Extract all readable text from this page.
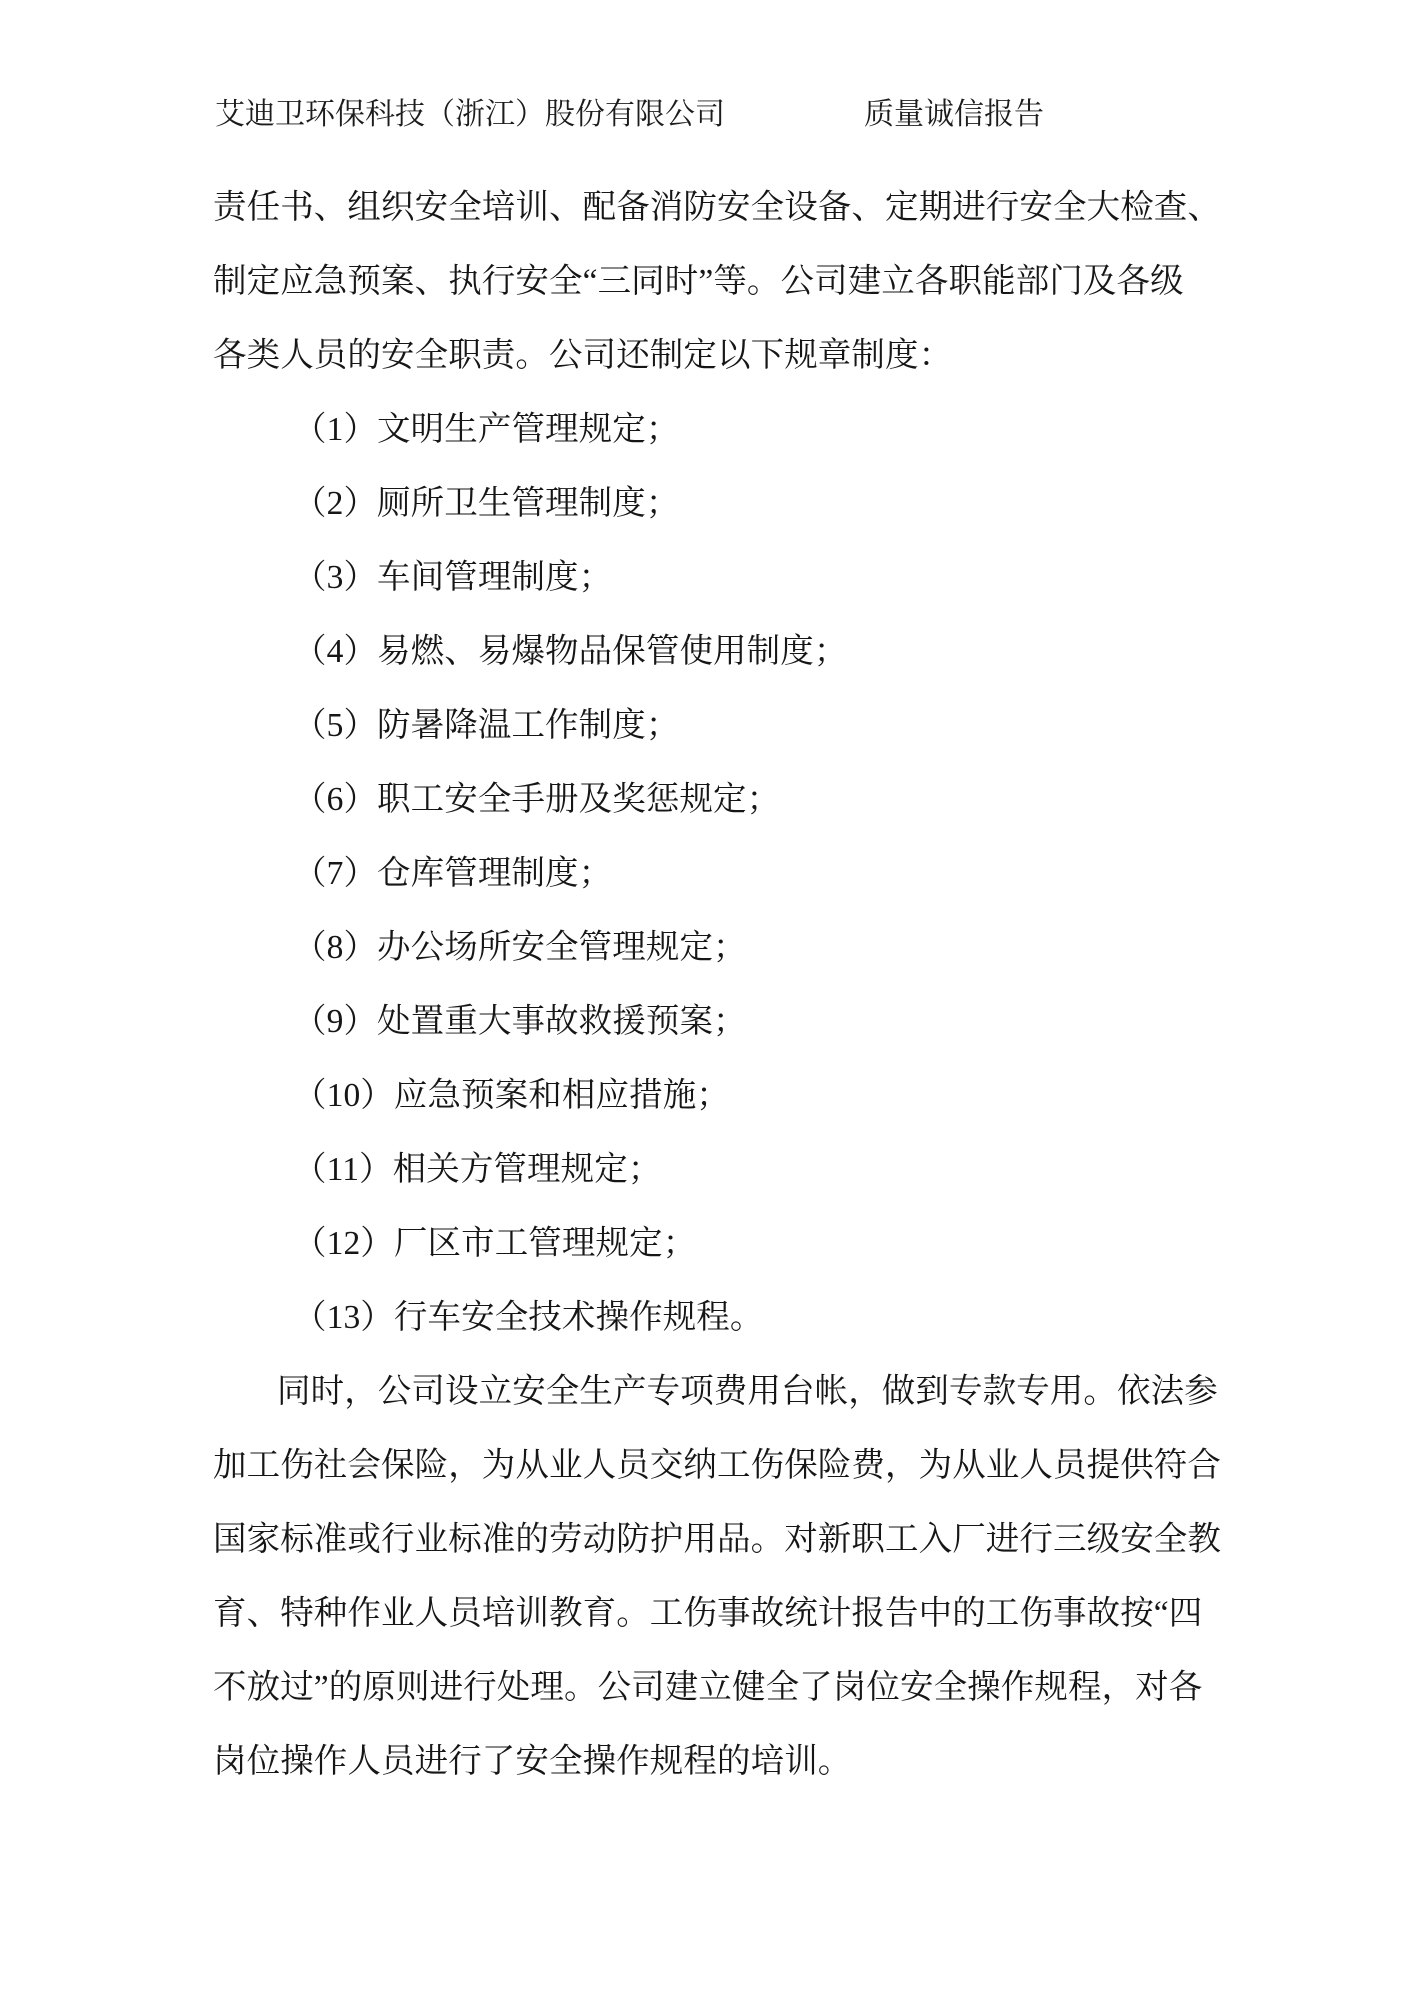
艾迪卫环保科技（浙江）股份有限公司	质量诚信报告
责任书、组织安全培训、配备消防安全设备、定期进行安全大检查、
制定应急预案、执行安全“三同时”等。公司建立各职能部门及各级
各类人员的安全职责。公司还制定以下规章制度：
（1）文明生产管理规定；
（2）厕所卫生管理制度；
（3）车间管理制度；
（4）易燃、易爆物品保管使用制度；
（5）防暑降温工作制度；
（6）职工安全手册及奖惩规定；
（7）仓库管理制度；
（8）办公场所安全管理规定；
（9）处置重大事故救援预案；
（10）应急预案和相应措施；
（11）相关方管理规定；
（12）厂区市工管理规定；
（13）行车安全技术操作规程。
同时，公司设立安全生产专项费用台帐，做到专款专用。依法参
加工伤社会保险，为从业人员交纳工伤保险费，为从业人员提供符合
国家标准或行业标准的劳动防护用品。对新职工入厂进行三级安全教
育、特种作业人员培训教育。工伤事故统计报告中的工伤事故按“四
不放过”的原则进行处理。公司建立健全了岗位安全操作规程，对各
岗位操作人员进行了安全操作规程的培训。
